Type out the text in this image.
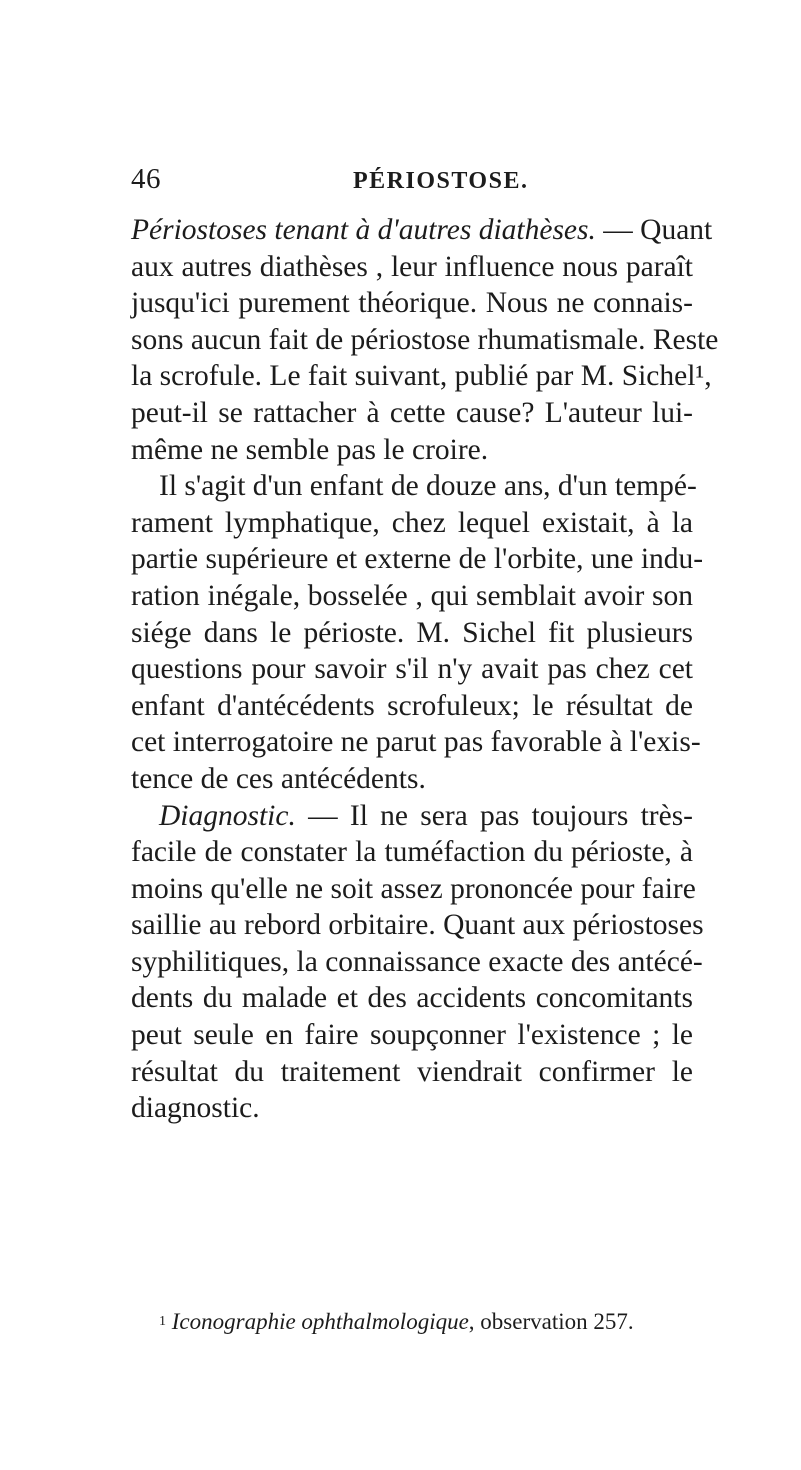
46	PÉRIOSTOSE.
Périostoses tenant à d'autres diathèses. — Quant
aux autres diathèses , leur influence nous paraît
jusqu'ici purement théorique. Nous ne connais-
sons aucun fait de périostose rhumatismale. Reste
la scrofule. Le fait suivant, publié par M. Sichel¹,
peut-il se rattacher à cette cause? L'auteur lui-
même ne semble pas le croire.
Il s'agit d'un enfant de douze ans, d'un tempé-
rament lymphatique, chez lequel existait, à la
partie supérieure et externe de l'orbite, une indu-
ration inégale, bosselée , qui semblait avoir son
siége dans le périoste. M. Sichel fit plusieurs
questions pour savoir s'il n'y avait pas chez cet
enfant d'antécédents scrofuleux; le résultat de
cet interrogatoire ne parut pas favorable à l'exis-
tence de ces antécédents.
Diagnostic. — Il ne sera pas toujours très-
facile de constater la tuméfaction du périoste, à
moins qu'elle ne soit assez prononcée pour faire
saillie au rebord orbitaire. Quant aux périostoses
syphilitiques, la connaissance exacte des antécé-
dents du malade et des accidents concomitants
peut seule en faire soupçonner l'existence ; le
résultat du traitement viendrait confirmer le
diagnostic.
$^1$ Iconographie ophthalmologique, observation 257.
